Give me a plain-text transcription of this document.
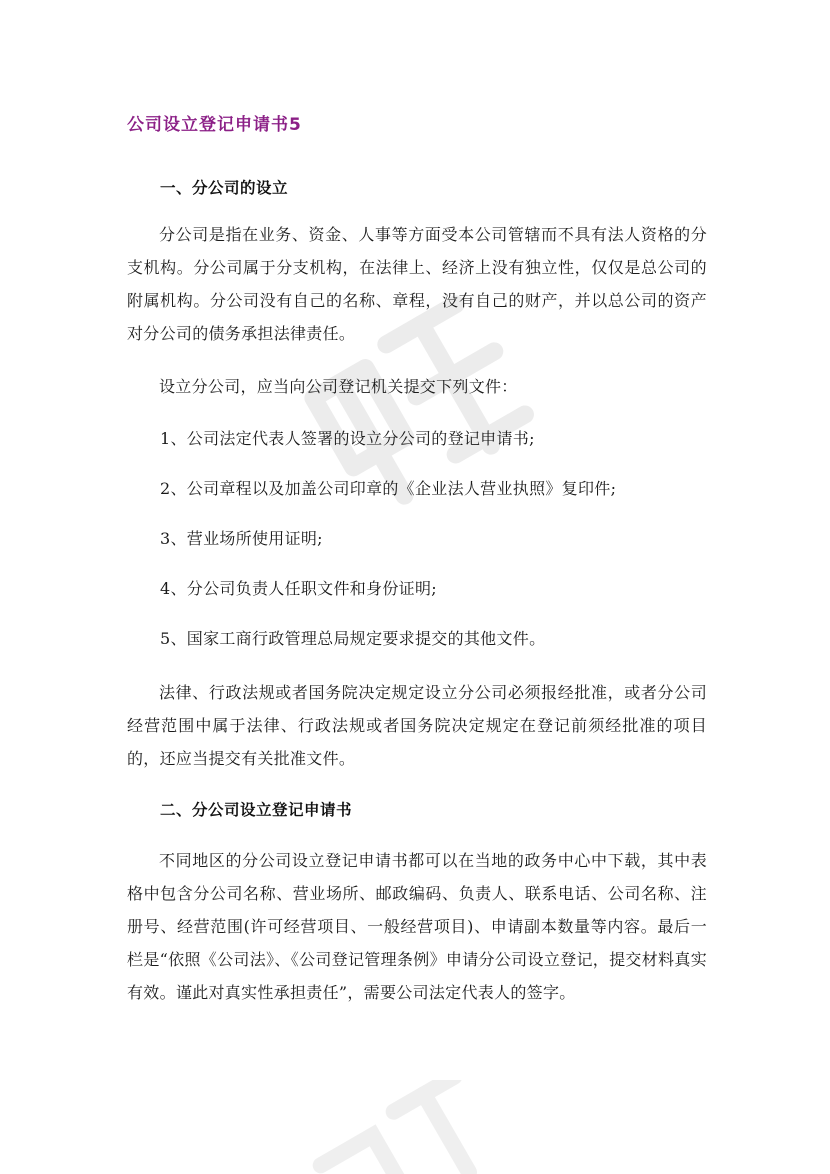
公司设立登记申请书5
一、分公司的设立

分公司是指在业务、资金、人事等方面受本公司管辖而不具有法人资格的分支机构。分公司属于分支机构，在法律上、经济上没有独立性，仅仅是总公司的附属机构。分公司没有自己的名称、章程，没有自己的财产，并以总公司的资产对分公司的债务承担法律责任。

设立分公司，应当向公司登记机关提交下列文件：

1、公司法定代表人签署的设立分公司的登记申请书;

2、公司章程以及加盖公司印章的《企业法人营业执照》复印件;

3、营业场所使用证明;

4、分公司负责人任职文件和身份证明;

5、国家工商行政管理总局规定要求提交的其他文件。

法律、行政法规或者国务院决定规定设立分公司必须报经批准，或者分公司经营范围中属于法律、行政法规或者国务院决定规定在登记前须经批准的项目的，还应当提交有关批准文件。

二、分公司设立登记申请书

不同地区的分公司设立登记申请书都可以在当地的政务中心中下载，其中表格中包含分公司名称、营业场所、邮政编码、负责人、联系电话、公司名称、注册号、经营范围(许可经营项目、一般经营项目)、申请副本数量等内容。最后一栏是“依照《公司法》、《公司登记管理条例》申请分公司设立登记，提交材料真实有效。谨此对真实性承担责任”，需要公司法定代表人的签字。
